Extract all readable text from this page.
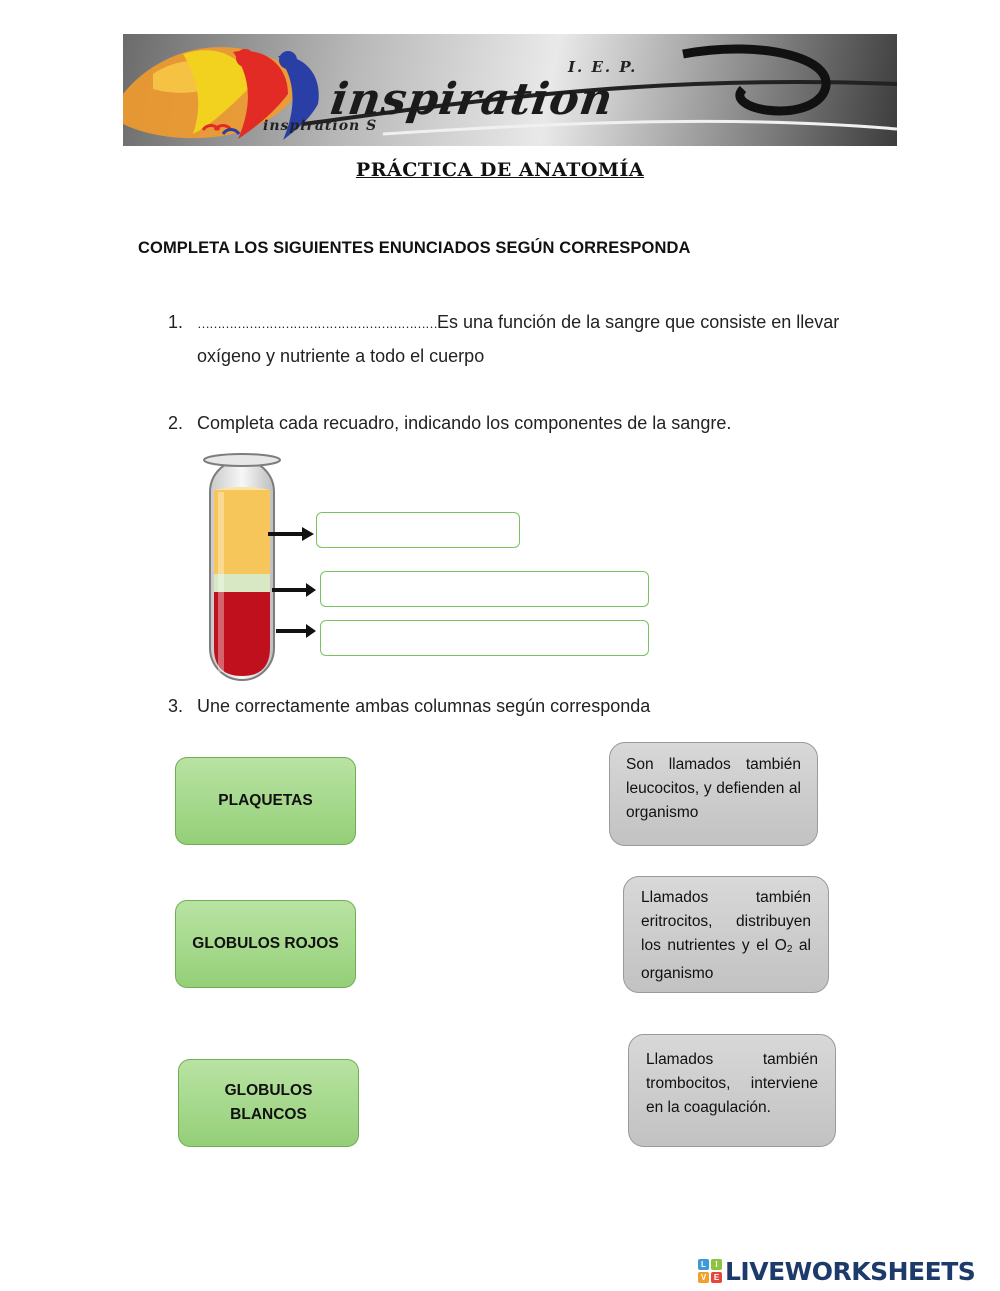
I. E. P.
inspiration
inspiration S
PRÁCTICA DE ANATOMÍA
COMPLETA LOS SIGUIENTES ENUNCIADOS SEGÚN CORRESPONDA
1. ……………………………………………………Es una función de la sangre que consiste en llevar
oxígeno y nutriente a todo el cuerpo
2. Completa cada recuadro, indicando los componentes de la sangre.
3. Une correctamente ambas columnas según corresponda
PLAQUETAS
GLOBULOS ROJOS
GLOBULOS
BLANCOS
Son llamados también leucocitos, y defienden al organismo
Llamados también eritrocitos, distribuyen los nutrientes y el $O_2$ al organismo
Llamados también trombocitos, interviene en la coagulación.
L	I
V E LIVEWORKSHEETS
